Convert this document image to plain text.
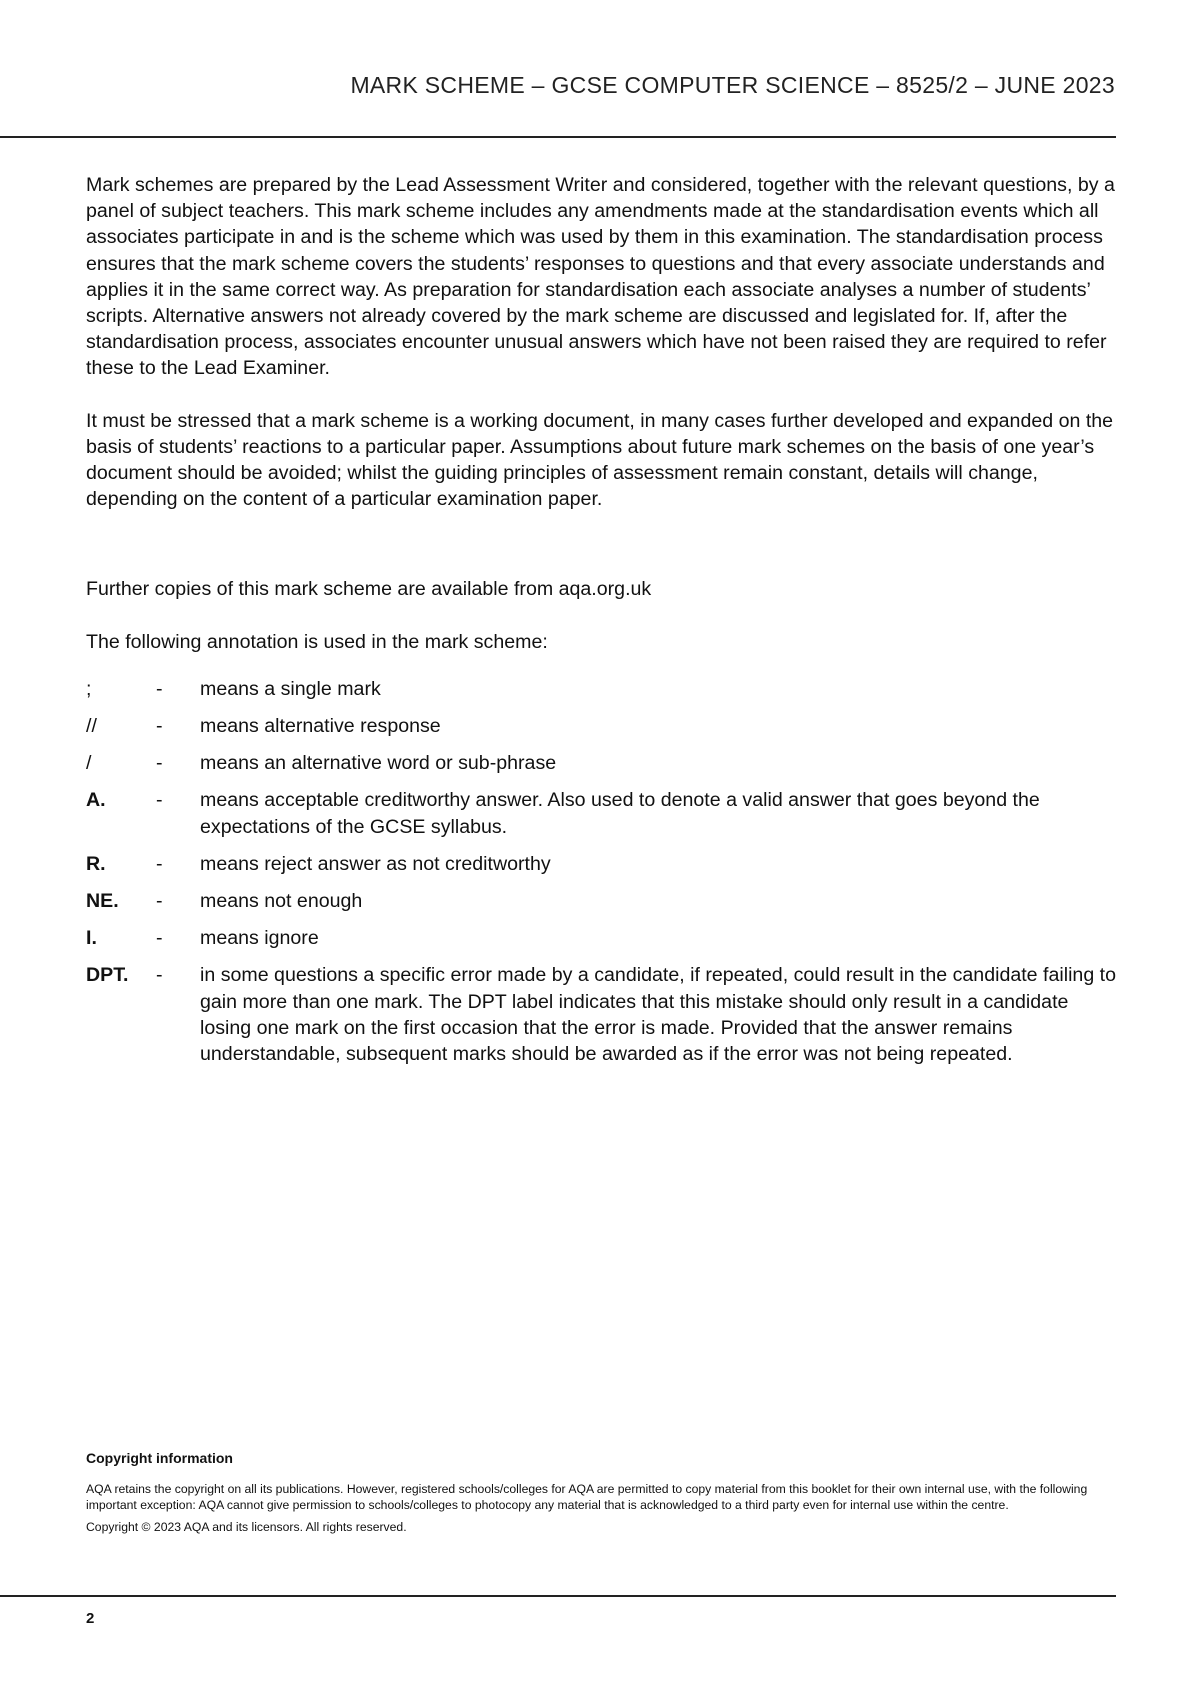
MARK SCHEME – GCSE COMPUTER SCIENCE – 8525/2 – JUNE 2023

Mark schemes are prepared by the Lead Assessment Writer and considered, together with the relevant questions, by a panel of subject teachers. This mark scheme includes any amendments made at the standardisation events which all associates participate in and is the scheme which was used by them in this examination. The standardisation process ensures that the mark scheme covers the students’ responses to questions and that every associate understands and applies it in the same correct way. As preparation for standardisation each associate analyses a number of students’ scripts. Alternative answers not already covered by the mark scheme are discussed and legislated for. If, after the standardisation process, associates encounter unusual answers which have not been raised they are required to refer these to the Lead Examiner.

It must be stressed that a mark scheme is a working document, in many cases further developed and expanded on the basis of students’ reactions to a particular paper. Assumptions about future mark schemes on the basis of one year’s document should be avoided; whilst the guiding principles of assessment remain constant, details will change, depending on the content of a particular examination paper.

Further copies of this mark scheme are available from aqa.org.uk

The following annotation is used in the mark scheme:

;	-	means a single mark
//	-	means alternative response
/	-	means an alternative word or sub-phrase
A.	-	means acceptable creditworthy answer. Also used to denote a valid answer that goes beyond the expectations of the GCSE syllabus.
R.	-	means reject answer as not creditworthy
NE.	-	means not enough
I.	-	means ignore
DPT.	-	in some questions a specific error made by a candidate, if repeated, could result in the candidate failing to gain more than one mark. The DPT label indicates that this mistake should only result in a candidate losing one mark on the first occasion that the error is made. Provided that the answer remains understandable, subsequent marks should be awarded as if the error was not being repeated.
Copyright information

AQA retains the copyright on all its publications. However, registered schools/colleges for AQA are permitted to copy material from this booklet for their own internal use, with the following important exception: AQA cannot give permission to schools/colleges to photocopy any material that is acknowledged to a third party even for internal use within the centre.

Copyright © 2023 AQA and its licensors. All rights reserved.

2
